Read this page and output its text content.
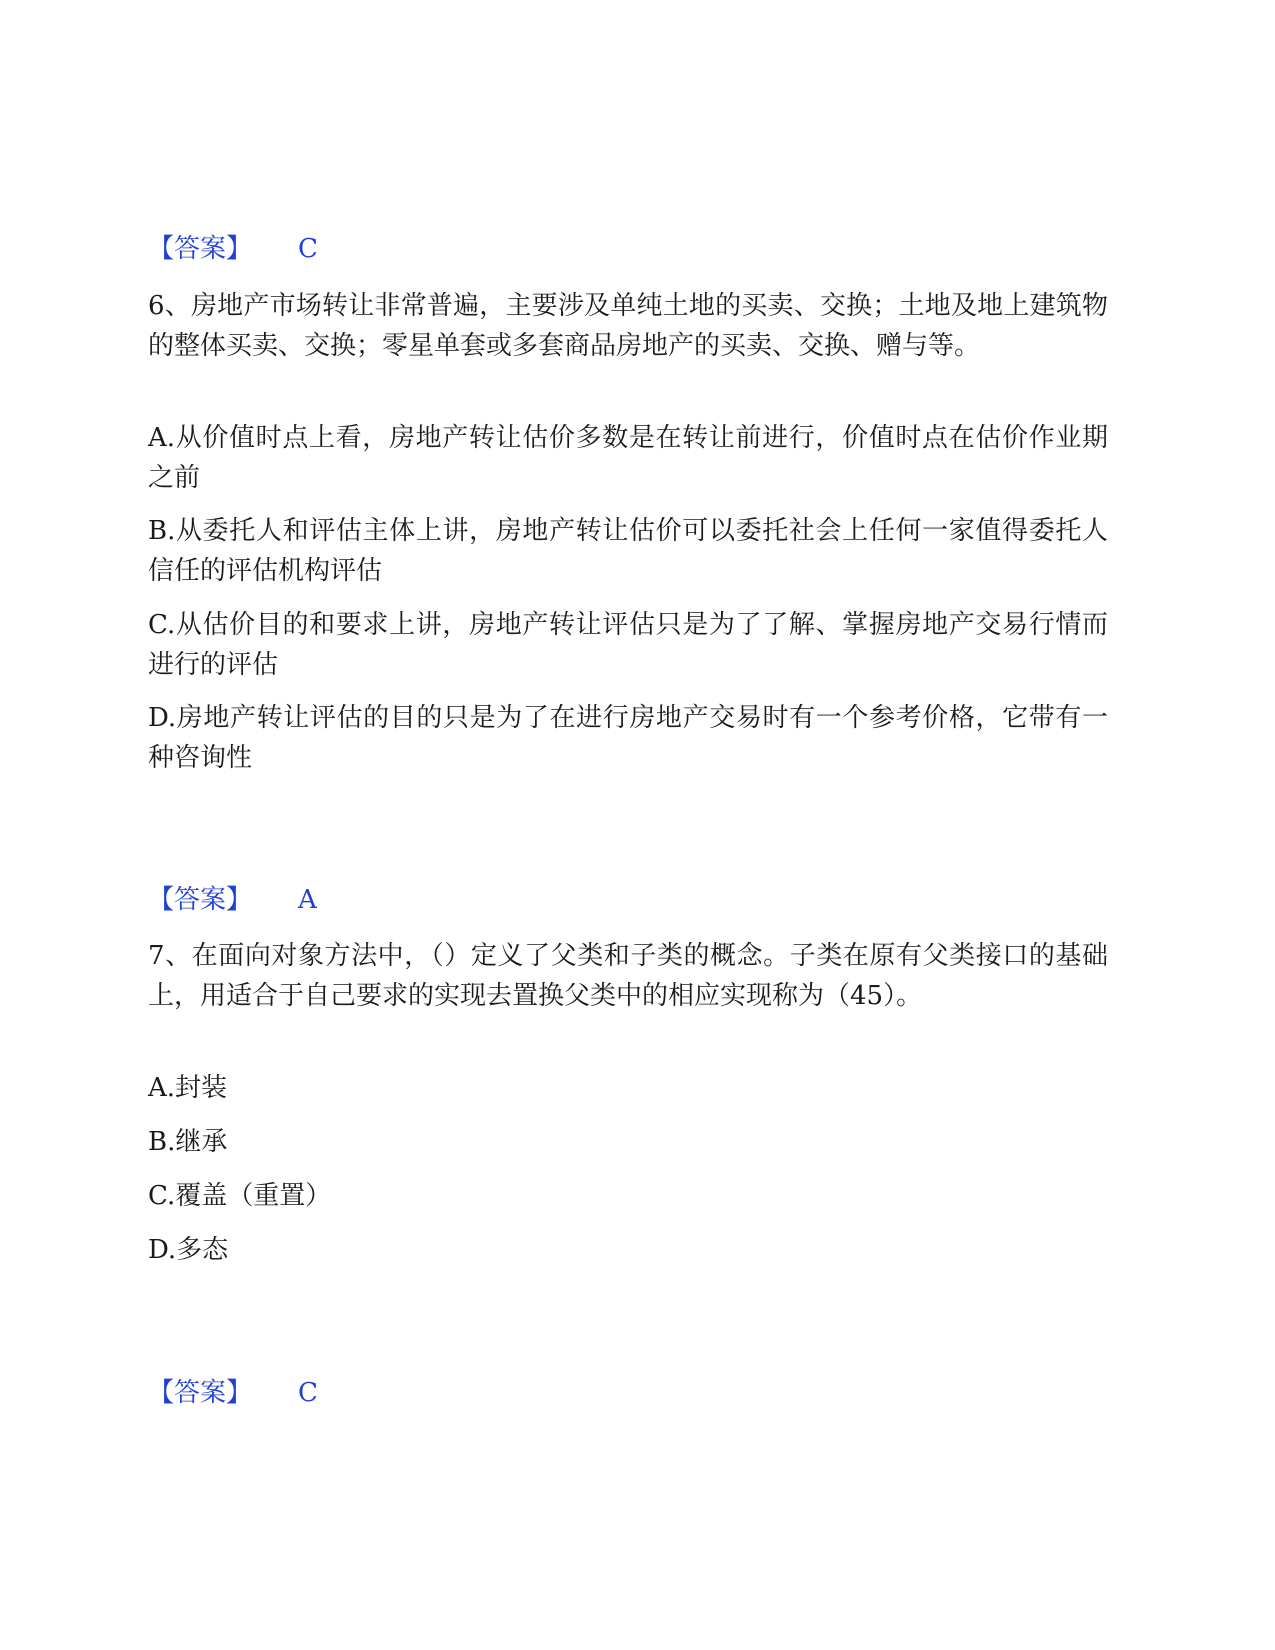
【答案】 C
6、房地产市场转让非常普遍，主要涉及单纯土地的买卖、交换；土地及地上建筑物的整体买卖、交换；零星单套或多套商品房地产的买卖、交换、赠与等。
A.从价值时点上看，房地产转让估价多数是在转让前进行，价值时点在估价作业期之前
B.从委托人和评估主体上讲，房地产转让估价可以委托社会上任何一家值得委托人信任的评估机构评估
C.从估价目的和要求上讲，房地产转让评估只是为了了解、掌握房地产交易行情而进行的评估
D.房地产转让评估的目的只是为了在进行房地产交易时有一个参考价格，它带有一种咨询性
【答案】 A
7、在面向对象方法中，（）定义了父类和子类的概念。子类在原有父类接口的基础上，用适合于自己要求的实现去置换父类中的相应实现称为（45）。
A.封装
B.继承
C.覆盖（重置）
D.多态
【答案】 C
